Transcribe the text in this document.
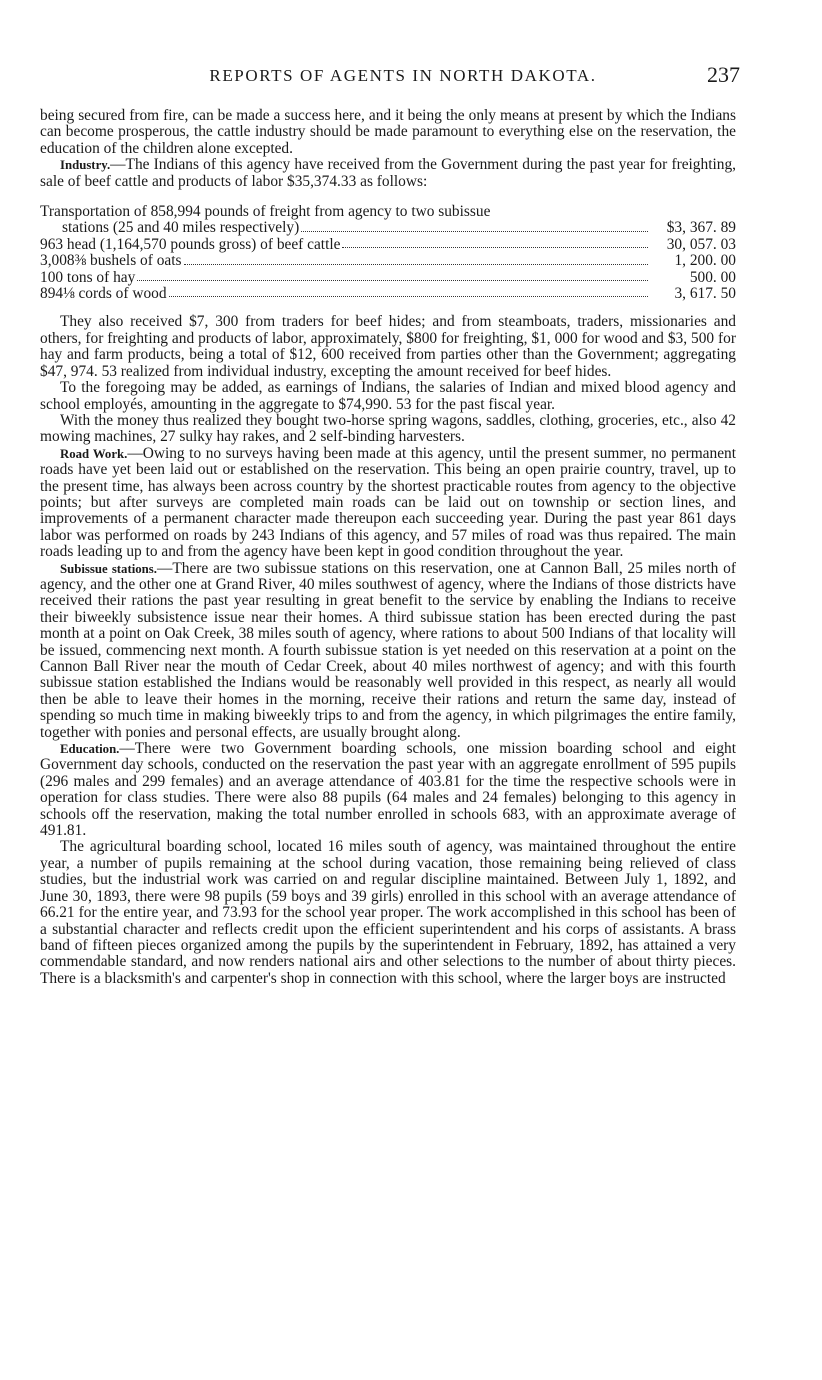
REPORTS OF AGENTS IN NORTH DAKOTA.	237

being secured from fire, can be made a success here, and it being the only means at present by which the Indians can become prosperous, the cattle industry should be made paramount to everything else on the reservation, the education of the children alone excepted.

Industry.—The Indians of this agency have received from the Government during the past year for freighting, sale of beef cattle and products of labor $35,374.33 as follows:

Transportation of 858,994 pounds of freight from agency to two subissue
stations (25 and 40 miles respectively)	$3, 367. 89
963 head (1,164,570 pounds gross) of beef cattle	30, 057. 03
3,008⅜ bushels of oats	1, 200. 00
100 tons of hay	500. 00
894⅛ cords of wood	3, 617. 50

They also received $7, 300 from traders for beef hides; and from steamboats, traders, missionaries and others, for freighting and products of labor, approximately, $800 for freighting, $1, 000 for wood and $3, 500 for hay and farm products, being a total of $12, 600 received from parties other than the Government; aggregating $47, 974. 53 realized from individual industry, excepting the amount received for beef hides.

To the foregoing may be added, as earnings of Indians, the salaries of Indian and mixed blood agency and school employés, amounting in the aggregate to $74,990. 53 for the past fiscal year.

With the money thus realized they bought two-horse spring wagons, saddles, clothing, groceries, etc., also 42 mowing machines, 27 sulky hay rakes, and 2 self-binding harvesters.

Road Work.—Owing to no surveys having been made at this agency, until the present summer, no permanent roads have yet been laid out or established on the reservation. This being an open prairie country, travel, up to the present time, has always been across country by the shortest practicable routes from agency to the objective points; but after surveys are completed main roads can be laid out on township or section lines, and improvements of a permanent character made thereupon each succeeding year. During the past year 861 days labor was performed on roads by 243 Indians of this agency, and 57 miles of road was thus repaired. The main roads leading up to and from the agency have been kept in good condition throughout the year.

Subissue stations.—There are two subissue stations on this reservation, one at Cannon Ball, 25 miles north of agency, and the other one at Grand River, 40 miles southwest of agency, where the Indians of those districts have received their rations the past year resulting in great benefit to the service by enabling the Indians to receive their biweekly subsistence issue near their homes. A third subissue station has been erected during the past month at a point on Oak Creek, 38 miles south of agency, where rations to about 500 Indians of that locality will be issued, commencing next month. A fourth subissue station is yet needed on this reservation at a point on the Cannon Ball River near the mouth of Cedar Creek, about 40 miles northwest of agency; and with this fourth subissue station established the Indians would be reasonably well provided in this respect, as nearly all would then be able to leave their homes in the morning, receive their rations and return the same day, instead of spending so much time in making biweekly trips to and from the agency, in which pilgrimages the entire family, together with ponies and personal effects, are usually brought along.

Education.—There were two Government boarding schools, one mission boarding school and eight Government day schools, conducted on the reservation the past year with an aggregate enrollment of 595 pupils (296 males and 299 females) and an average attendance of 403.81 for the time the respective schools were in operation for class studies. There were also 88 pupils (64 males and 24 females) belonging to this agency in schools off the reservation, making the total number enrolled in schools 683, with an approximate average of 491.81.

The agricultural boarding school, located 16 miles south of agency, was maintained throughout the entire year, a number of pupils remaining at the school during vacation, those remaining being relieved of class studies, but the industrial work was carried on and regular discipline maintained. Between July 1, 1892, and June 30, 1893, there were 98 pupils (59 boys and 39 girls) enrolled in this school with an average attendance of 66.21 for the entire year, and 73.93 for the school year proper. The work accomplished in this school has been of a substantial character and reflects credit upon the efficient superintendent and his corps of assistants. A brass band of fifteen pieces organized among the pupils by the superintendent in February, 1892, has attained a very commendable standard, and now renders national airs and other selections to the number of about thirty pieces. There is a blacksmith's and carpenter's shop in connection with this school, where the larger boys are instructed
